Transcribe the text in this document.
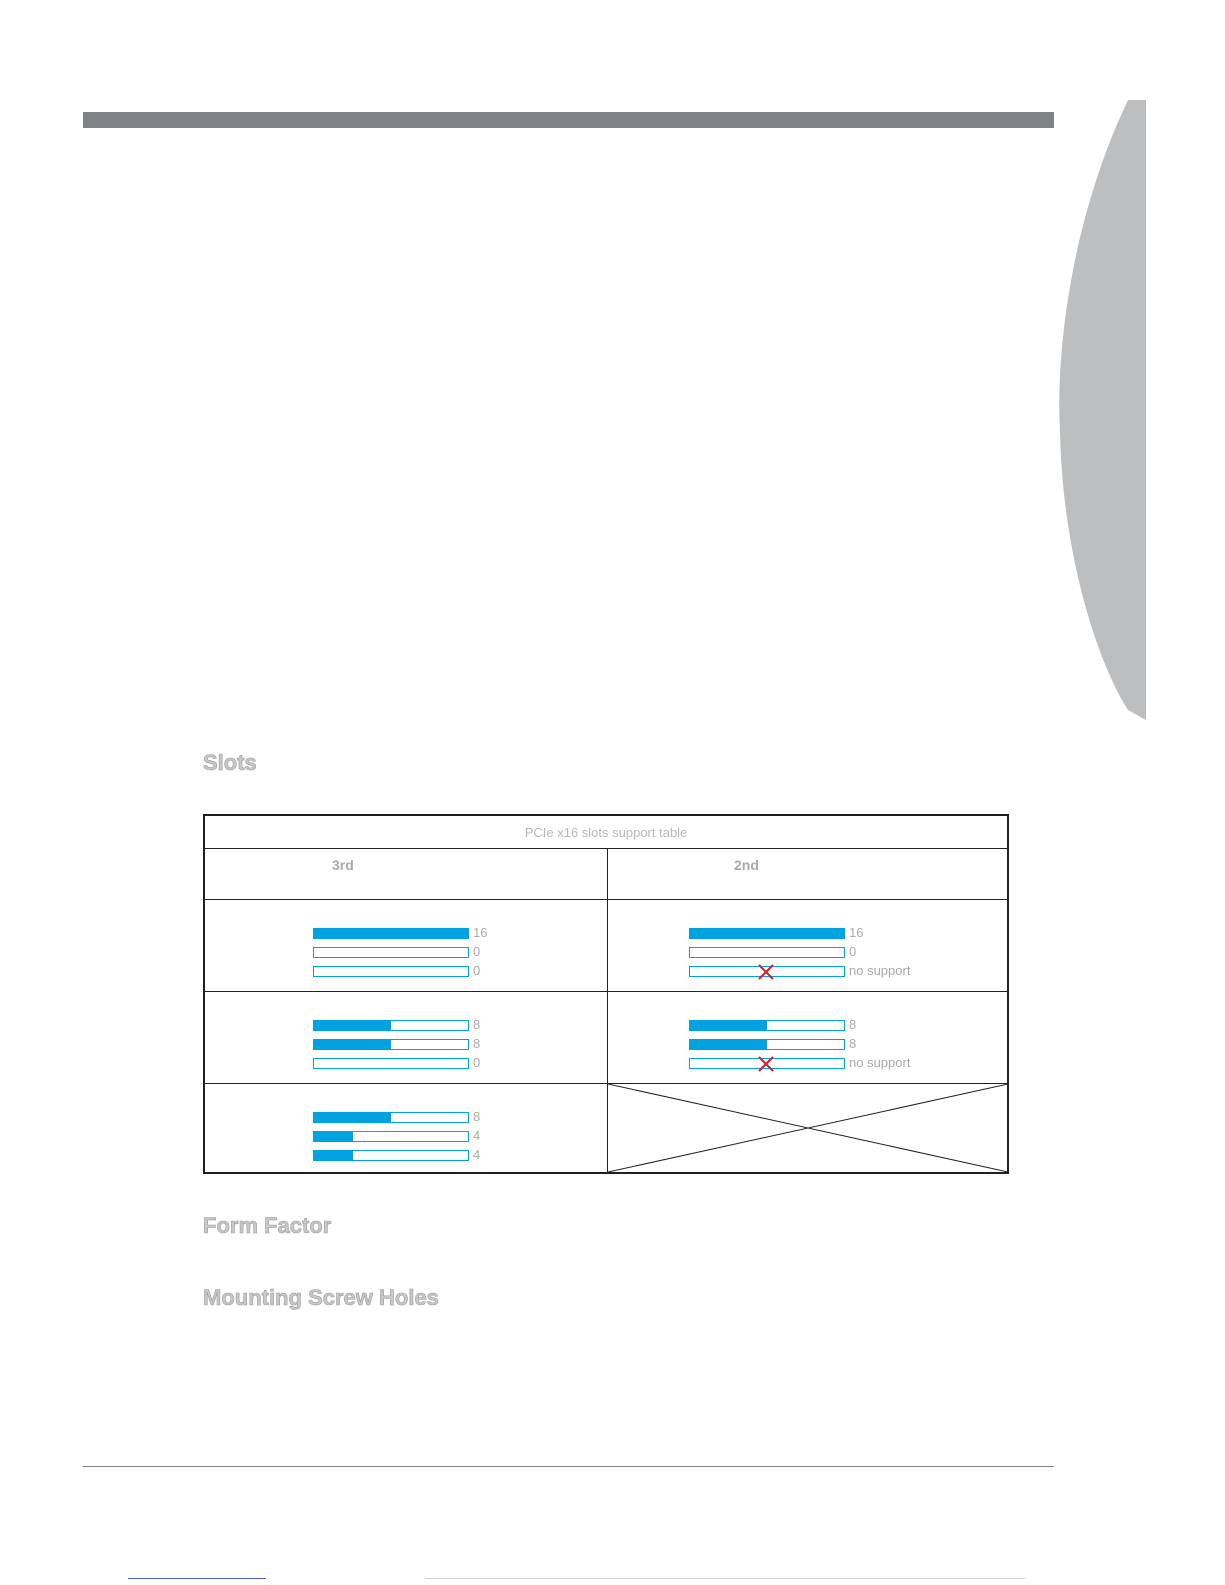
Slots
PCIe x16 slots support table
3rd	2nd
16
0
0
8
8
0
8
4
4
16
0
no support
8
8
no support
Form Factor
Mounting Screw Holes
